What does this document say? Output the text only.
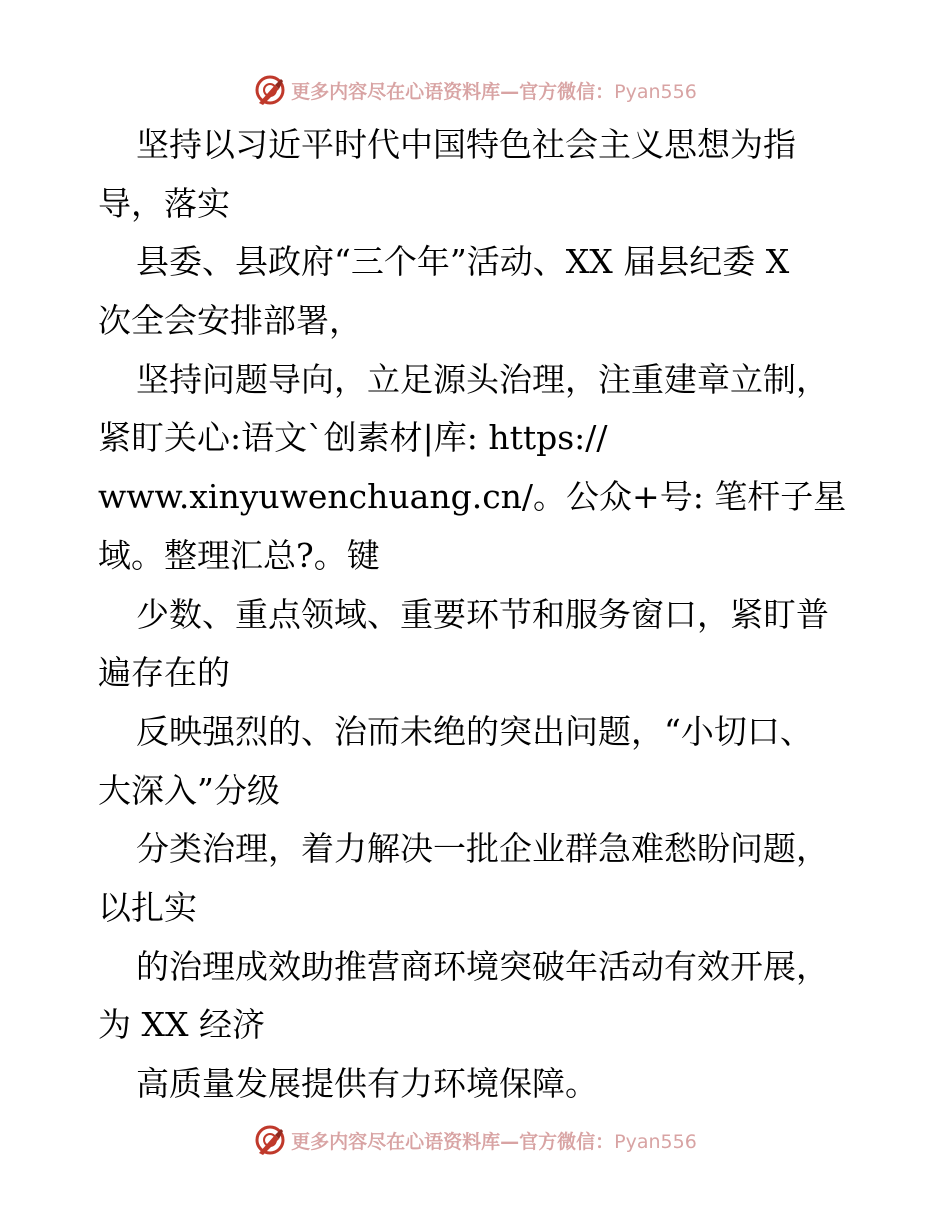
更多内容尽在心语资料库—官方微信：Pyan556
坚持以习近平时代中国特色社会主义思想为指
导，落实
县委、县政府“三个年”活动、XX 届县纪委 X
次全会安排部署，
坚持问题导向，立足源头治理，注重建章立制，
紧盯关心:语文`创素材|库: https://
www.xinyuwenchuang.cn/。公众+号: 笔杆子星
域。整理汇总?。键
少数、重点领域、重要环节和服务窗口，紧盯普
遍存在的
反映强烈的、治而未绝的突出问题，“小切口、
大深入”分级
分类治理，着力解决一批企业群急难愁盼问题，
以扎实
的治理成效助推营商环境突破年活动有效开展，
为 XX 经济
高质量发展提供有力环境保障。
更多内容尽在心语资料库—官方微信：Pyan556
